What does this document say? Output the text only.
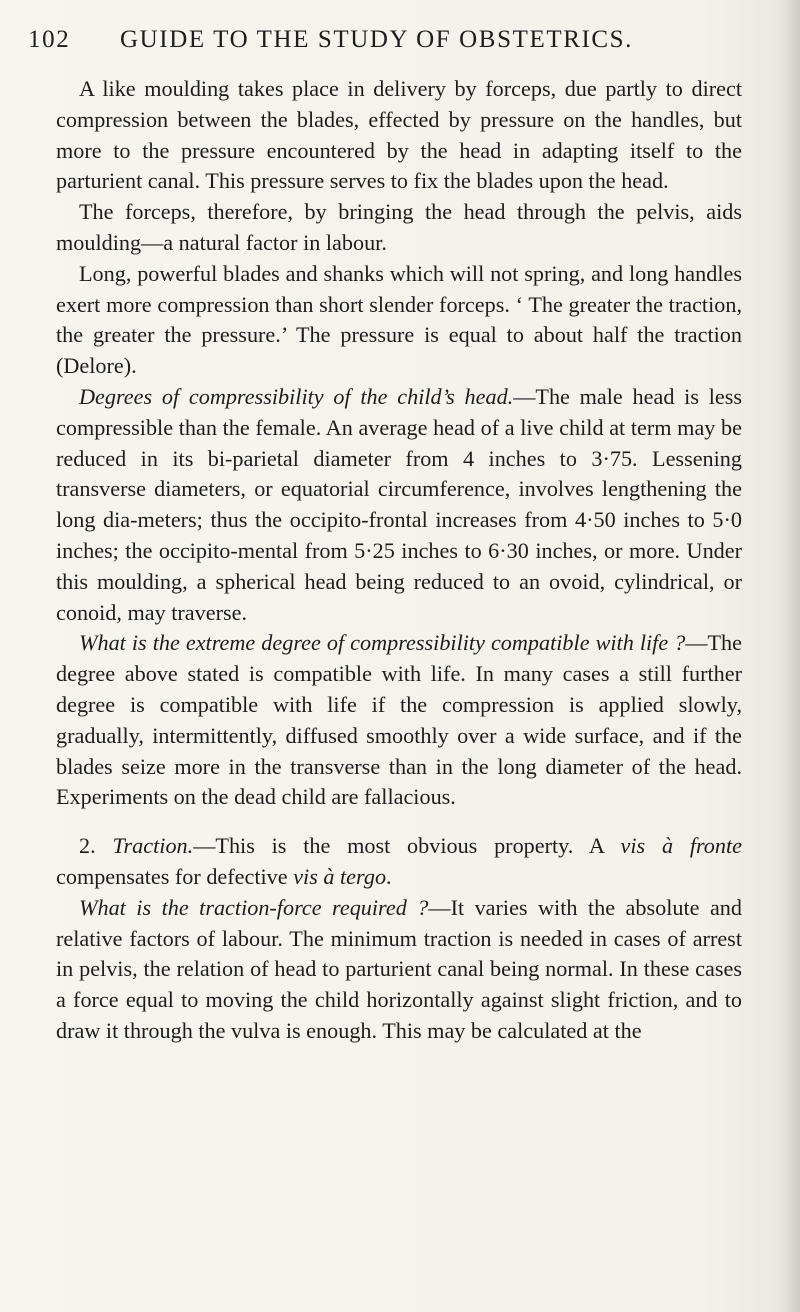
102 GUIDE TO THE STUDY OF OBSTETRICS.

A like moulding takes place in delivery by forceps, due partly to direct compression between the blades, effected by pressure on the handles, but more to the pressure encountered by the head in adapting itself to the parturient canal. This pressure serves to fix the blades upon the head.

The forceps, therefore, by bringing the head through the pelvis, aids moulding—a natural factor in labour.

Long, powerful blades and shanks which will not spring, and long handles exert more compression than short slender forceps. ‘ The greater the traction, the greater the pressure.’ The pressure is equal to about half the traction (Delore).

Degrees of compressibility of the child’s head.—The male head is less compressible than the female. An average head of a live child at term may be reduced in its bi-parietal diameter from 4 inches to 3·75. Lessening transverse diameters, or equatorial circumference, involves lengthening the long dia-meters; thus the occipito-frontal increases from 4·50 inches to 5·0 inches; the occipito-mental from 5·25 inches to 6·30 inches, or more. Under this moulding, a spherical head being reduced to an ovoid, cylindrical, or conoid, may traverse.

What is the extreme degree of compressibility compatible with life ?—The degree above stated is compatible with life. In many cases a still further degree is compatible with life if the compression is applied slowly, gradually, intermittently, diffused smoothly over a wide surface, and if the blades seize more in the transverse than in the long diameter of the head. Experiments on the dead child are fallacious.

2. Traction.—This is the most obvious property. A vis à fronte compensates for defective vis à tergo.

What is the traction-force required ?—It varies with the absolute and relative factors of labour. The minimum traction is needed in cases of arrest in pelvis, the relation of head to parturient canal being normal. In these cases a force equal to moving the child horizontally against slight friction, and to draw it through the vulva is enough. This may be calculated at the
